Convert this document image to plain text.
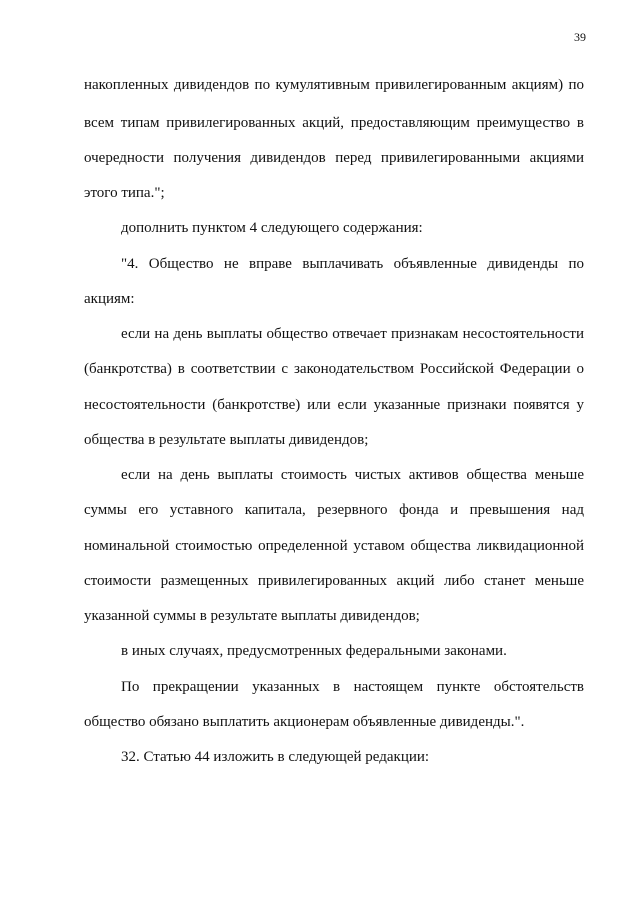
39
накопленных дивидендов по кумулятивным привилегированным акциям) по
всем типам привилегированных акций, предоставляющим преимущество в
очередности получения дивидендов перед привилегированными акциями
этого типа.";
дополнить пунктом 4 следующего содержания:
"4. Общество не вправе выплачивать объявленные дивиденды по
акциям:
если на день выплаты общество отвечает признакам несостоятельности
(банкротства) в соответствии с законодательством Российской Федерации о
несостоятельности (банкротстве) или если указанные признаки появятся у
общества в результате выплаты дивидендов;
если на день выплаты стоимость чистых активов общества меньше
суммы его уставного капитала, резервного фонда и превышения над
номинальной стоимостью определенной уставом общества ликвидационной
стоимости размещенных привилегированных акций либо станет меньше
указанной суммы в результате выплаты дивидендов;
в иных случаях, предусмотренных федеральными законами.
По прекращении указанных в настоящем пункте обстоятельств
общество обязано выплатить акционерам объявленные дивиденды.".
32. Статью 44 изложить в следующей редакции:
